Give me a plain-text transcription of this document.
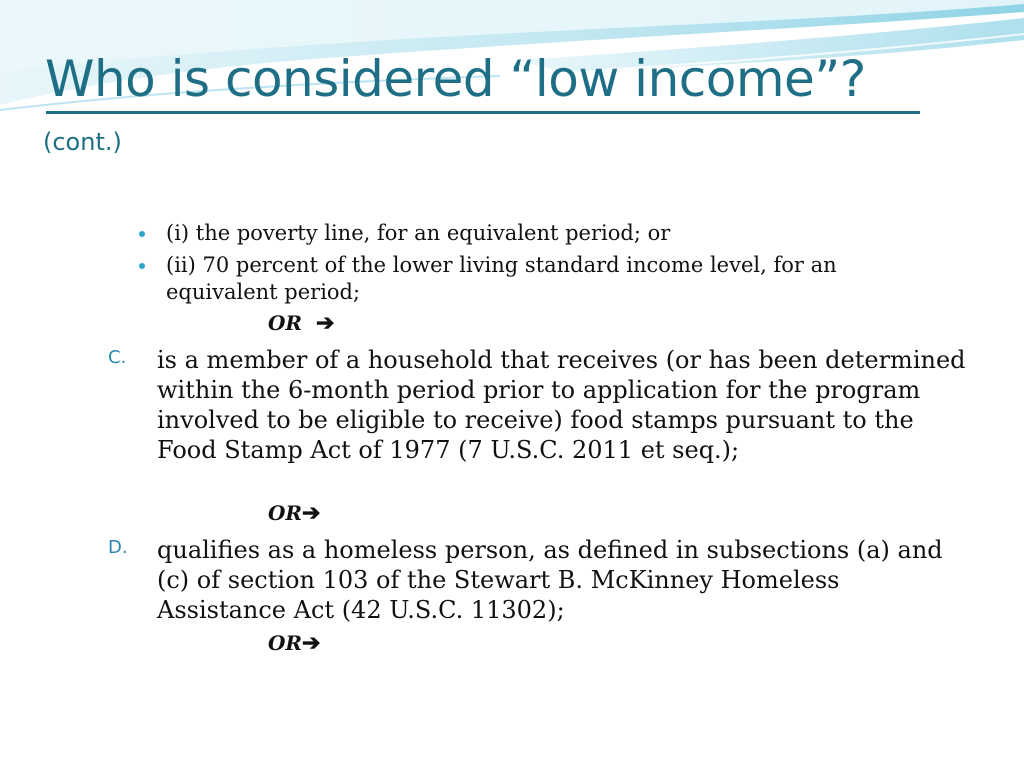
Who is considered “low income”?
(cont.)
(i) the poverty line, for an equivalent period; or
(ii) 70 percent of the lower living standard income level, for an equivalent period;
OR ➔
C. is a member of a household that receives (or has been determined within the 6-month period prior to application for the program involved to be eligible to receive) food stamps pursuant to the Food Stamp Act of 1977 (7 U.S.C. 2011 et seq.);
OR➔
D. qualifies as a homeless person, as defined in subsections (a) and (c) of section 103 of the Stewart B. McKinney Homeless Assistance Act (42 U.S.C. 11302);
OR➔
